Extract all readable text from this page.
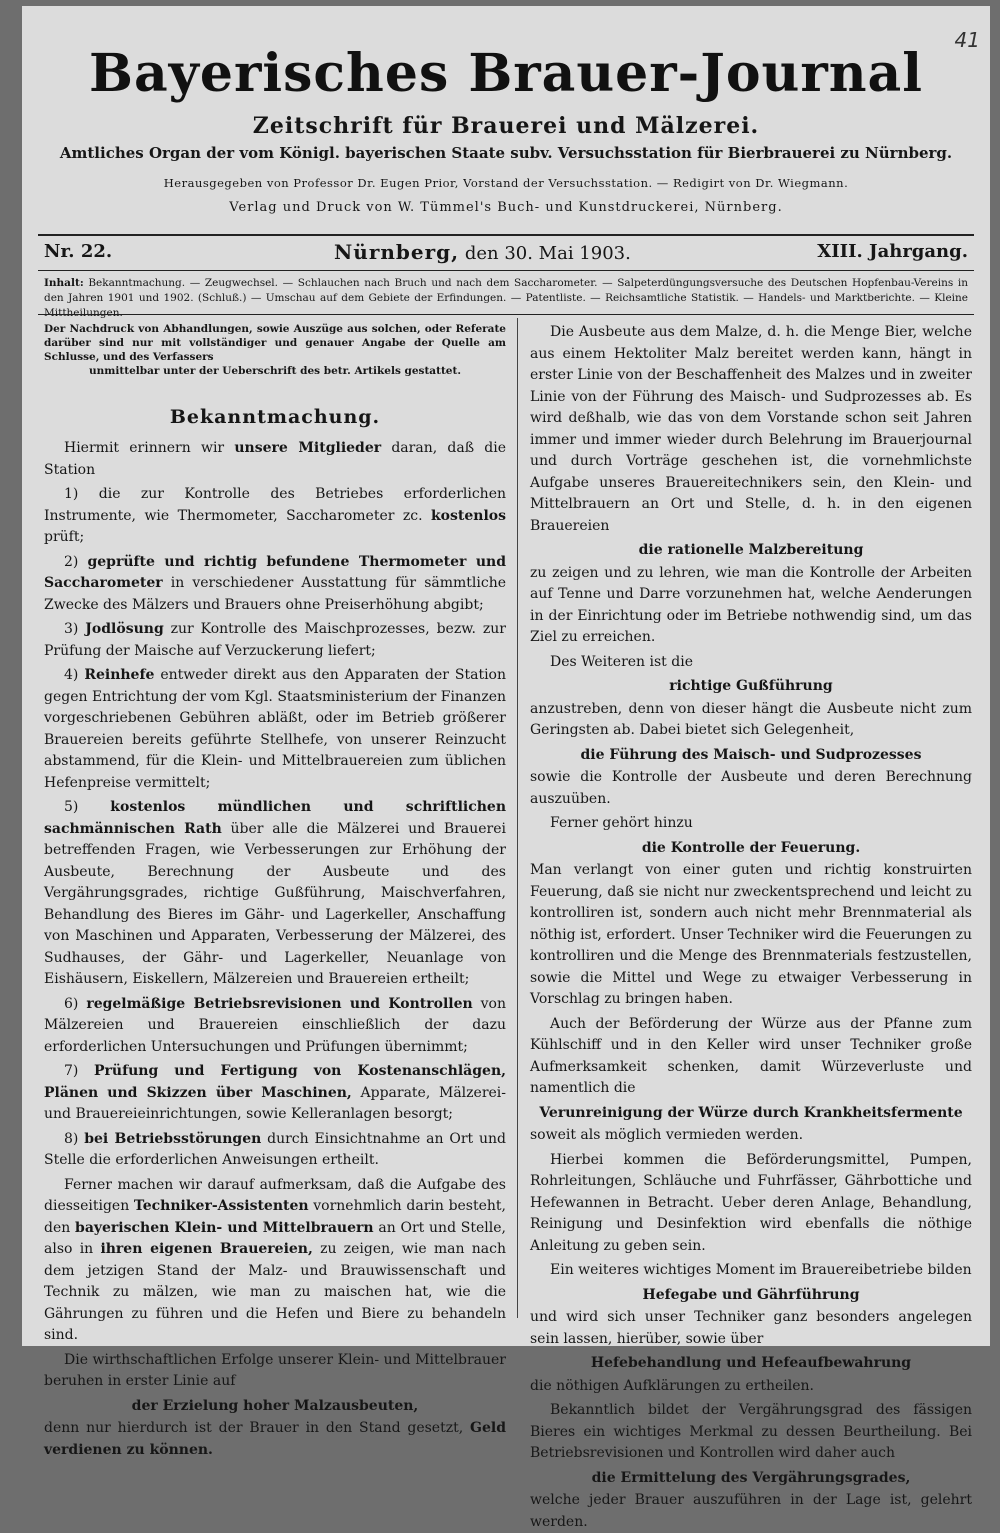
41
Bayerisches Brauer-Journal
Zeitschrift für Brauerei und Mälzerei.
Amtliches Organ der vom Königl. bayerischen Staate subv. Versuchsstation für Bierbrauerei zu Nürnberg.
Herausgegeben von Professor Dr. Eugen Prior, Vorstand der Versuchsstation. — Redigirt von Dr. Wiegmann.
Verlag und Druck von W. Tümmel's Buch- und Kunstdruckerei, Nürnberg.
Nr. 22.	Nürnberg, den 30. Mai 1903.	XIII. Jahrgang.
Inhalt: Bekanntmachung. — Zeugwechsel. — Schlauchen nach Bruch und nach dem Saccharometer. — Salpeterdüngungsversuche des Deutschen Hopfenbau-Vereins in den Jahren 1901 und 1902. (Schluß.) — Umschau auf dem Gebiete der Erfindungen. — Patentliste. — Reichsamtliche Statistik. — Handels- und Marktberichte. — Kleine Mittheilungen.
Der Nachdruck von Abhandlungen, sowie Auszüge aus solchen, oder Referate darüber sind nur mit vollständiger und genauer Angabe der Quelle am Schlusse, und des Verfassers
unmittelbar unter der Ueberschrift des betr. Artikels gestattet.
Bekanntmachung.

Hiermit erinnern wir unsere Mitglieder daran, daß die Station

1) die zur Kontrolle des Betriebes erforderlichen Instrumente, wie Thermometer, Saccharometer zc. kostenlos prüft;

2) geprüfte und richtig befundene Thermometer und Saccharometer in verschiedener Ausstattung für sämmtliche Zwecke des Mälzers und Brauers ohne Preiserhöhung abgibt;

3) Jodlösung zur Kontrolle des Maischprozesses, bezw. zur Prüfung der Maische auf Verzuckerung liefert;

4) Reinhefe entweder direkt aus den Apparaten der Station gegen Entrichtung der vom Kgl. Staatsministerium der Finanzen vorgeschriebenen Gebühren abläßt, oder im Betrieb größerer Brauereien bereits geführte Stellhefe, von unserer Reinzucht abstammend, für die Klein- und Mittelbrauereien zum üblichen Hefenpreise vermittelt;

5) kostenlos mündlichen und schriftlichen sachmännischen Rath über alle die Mälzerei und Brauerei betreffenden Fragen, wie Verbesserungen zur Erhöhung der Ausbeute, Berechnung der Ausbeute und des Vergährungsgrades, richtige Gußführung, Maischverfahren, Behandlung des Bieres im Gähr- und Lagerkeller, Anschaffung von Maschinen und Apparaten, Verbesserung der Mälzerei, des Sudhauses, der Gähr- und Lagerkeller, Neuanlage von Eishäusern, Eiskellern, Mälzereien und Brauereien ertheilt;

6) regelmäßige Betriebsrevisionen und Kontrollen von Mälzereien und Brauereien einschließlich der dazu erforderlichen Untersuchungen und Prüfungen übernimmt;

7) Prüfung und Fertigung von Kostenanschlägen, Plänen und Skizzen über Maschinen, Apparate, Mälzerei- und Brauereieinrichtungen, sowie Kelleranlagen besorgt;

8) bei Betriebsstörungen durch Einsichtnahme an Ort und Stelle die erforderlichen Anweisungen ertheilt.

Ferner machen wir darauf aufmerksam, daß die Aufgabe des diesseitigen Techniker-Assistenten vornehmlich darin besteht, den bayerischen Klein- und Mittelbrauern an Ort und Stelle, also in ihren eigenen Brauereien, zu zeigen, wie man nach dem jetzigen Stand der Malz- und Brauwissenschaft und Technik zu mälzen, wie man zu maischen hat, wie die Gährungen zu führen und die Hefen und Biere zu behandeln sind.

Die wirthschaftlichen Erfolge unserer Klein- und Mittelbrauer beruhen in erster Linie auf

der Erzielung hoher Malzausbeuten,

denn nur hierdurch ist der Brauer in den Stand gesetzt, Geld verdienen zu können.

Die Ausbeute aus dem Malze, d. h. die Menge Bier, welche aus einem Hektoliter Malz bereitet werden kann, hängt in erster Linie von der Beschaffenheit des Malzes und in zweiter Linie von der Führung des Maisch- und Sudprozesses ab. Es wird deßhalb, wie das von dem Vorstande schon seit Jahren immer und immer wieder durch Belehrung im Brauerjournal und durch Vorträge geschehen ist, die vornehmlichste Aufgabe unseres Brauereitechnikers sein, den Klein- und Mittelbrauern an Ort und Stelle, d. h. in den eigenen Brauereien

die rationelle Malzbereitung

zu zeigen und zu lehren, wie man die Kontrolle der Arbeiten auf Tenne und Darre vorzunehmen hat, welche Aenderungen in der Einrichtung oder im Betriebe nothwendig sind, um das Ziel zu erreichen.

Des Weiteren ist die

richtige Gußführung

anzustreben, denn von dieser hängt die Ausbeute nicht zum Geringsten ab. Dabei bietet sich Gelegenheit,

die Führung des Maisch- und Sudprozesses

sowie die Kontrolle der Ausbeute und deren Berechnung auszuüben.

Ferner gehört hinzu

die Kontrolle der Feuerung.

Man verlangt von einer guten und richtig konstruirten Feuerung, daß sie nicht nur zweckentsprechend und leicht zu kontrolliren ist, sondern auch nicht mehr Brennmaterial als nöthig ist, erfordert. Unser Techniker wird die Feuerungen zu kontrolliren und die Menge des Brennmaterials festzustellen, sowie die Mittel und Wege zu etwaiger Verbesserung in Vorschlag zu bringen haben.

Auch der Beförderung der Würze aus der Pfanne zum Kühlschiff und in den Keller wird unser Techniker große Aufmerksamkeit schenken, damit Würzeverluste und namentlich die

Verunreinigung der Würze durch Krankheitsfermente

soweit als möglich vermieden werden.

Hierbei kommen die Beförderungsmittel, Pumpen, Rohrleitungen, Schläuche und Fuhrfässer, Gährbottiche und Hefewannen in Betracht. Ueber deren Anlage, Behandlung, Reinigung und Desinfektion wird ebenfalls die nöthige Anleitung zu geben sein.

Ein weiteres wichtiges Moment im Brauereibetriebe bilden

Hefegabe und Gährführung

und wird sich unser Techniker ganz besonders angelegen sein lassen, hierüber, sowie über

Hefebehandlung und Hefeaufbewahrung

die nöthigen Aufklärungen zu ertheilen.

Bekanntlich bildet der Vergährungsgrad des fässigen Bieres ein wichtiges Merkmal zu dessen Beurtheilung. Bei Betriebsrevisionen und Kontrollen wird daher auch

die Ermittelung des Vergährungsgrades,

welche jeder Brauer auszuführen in der Lage ist, gelehrt werden.
